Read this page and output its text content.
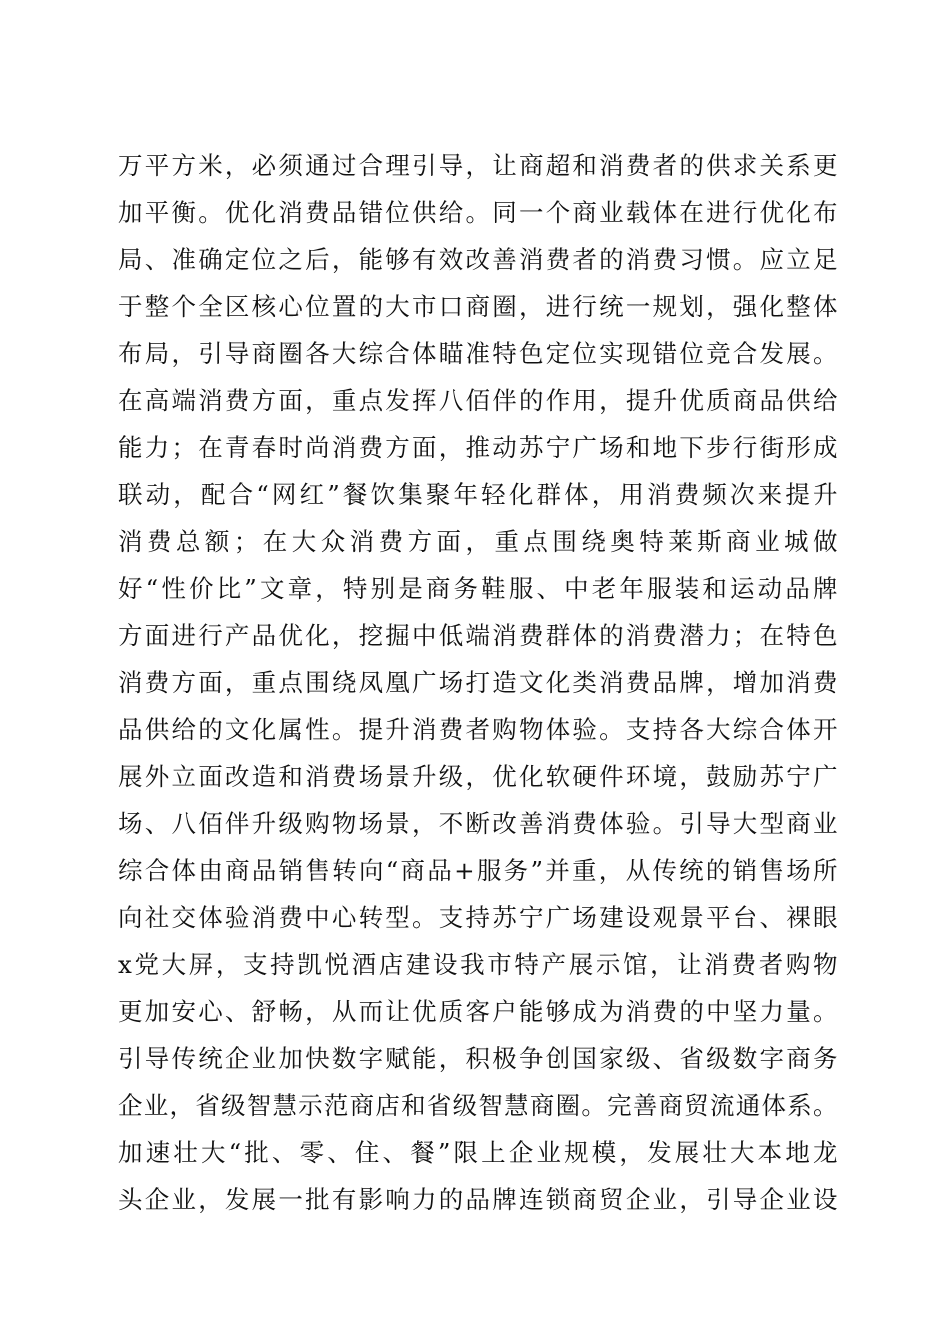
万平方米，必须通过合理引导，让商超和消费者的供求关系更
加平衡。优化消费品错位供给。同一个商业载体在进行优化布
局、准确定位之后，能够有效改善消费者的消费习惯。应立足
于整个全区核心位置的大市口商圈，进行统一规划，强化整体
布局，引导商圈各大综合体瞄准特色定位实现错位竞合发展。
在高端消费方面，重点发挥八佰伴的作用，提升优质商品供给
能力；在青春时尚消费方面，推动苏宁广场和地下步行街形成
联动，配合“网红”餐饮集聚年轻化群体，用消费频次来提升
消费总额；在大众消费方面，重点围绕奥特莱斯商业城做
好“性价比”文章，特别是商务鞋服、中老年服装和运动品牌
方面进行产品优化，挖掘中低端消费群体的消费潜力；在特色
消费方面，重点围绕凤凰广场打造文化类消费品牌，增加消费
品供给的文化属性。提升消费者购物体验。支持各大综合体开
展外立面改造和消费场景升级，优化软硬件环境，鼓励苏宁广
场、八佰伴升级购物场景，不断改善消费体验。引导大型商业
综合体由商品销售转向“商品+服务”并重，从传统的销售场所
向社交体验消费中心转型。支持苏宁广场建设观景平台、裸眼
x党大屏，支持凯悦酒店建设我市特产展示馆，让消费者购物
更加安心、舒畅，从而让优质客户能够成为消费的中坚力量。
引导传统企业加快数字赋能，积极争创国家级、省级数字商务
企业，省级智慧示范商店和省级智慧商圈。完善商贸流通体系。
加速壮大“批、零、住、餐”限上企业规模，发展壮大本地龙
头企业，发展一批有影响力的品牌连锁商贸企业，引导企业设
